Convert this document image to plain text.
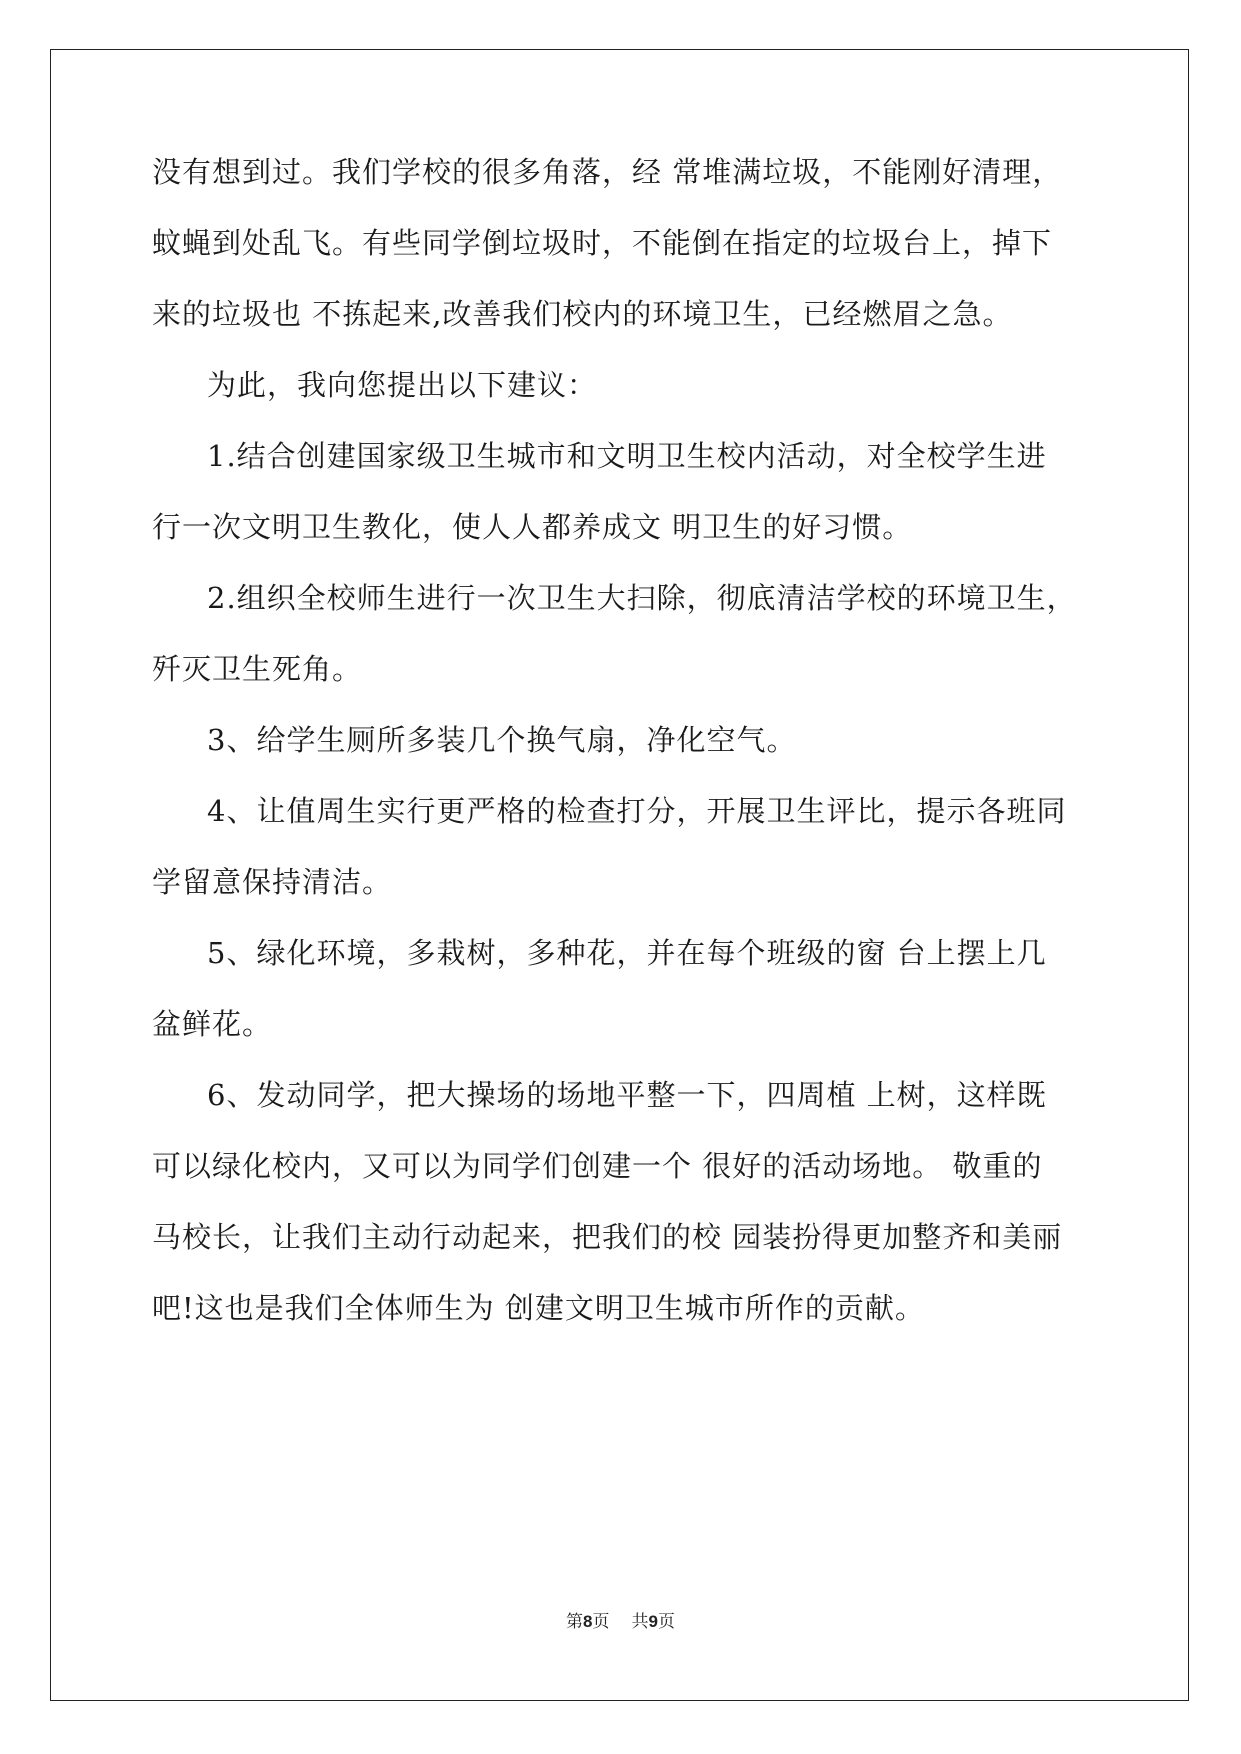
没有想到过。我们学校的很多角落，经 常堆满垃圾，不能刚好清理，
蚊蝇到处乱飞。有些同学倒垃圾时，不能倒在指定的垃圾台上，掉下
来的垃圾也 不拣起来,改善我们校内的环境卫生，已经燃眉之急。
为此，我向您提出以下建议：
1.结合创建国家级卫生城市和文明卫生校内活动，对全校学生进
行一次文明卫生教化，使人人都养成文 明卫生的好习惯。
2.组织全校师生进行一次卫生大扫除，彻底清洁学校的环境卫生，
歼灭卫生死角。
3、给学生厕所多装几个换气扇，净化空气。
4、让值周生实行更严格的检查打分，开展卫生评比，提示各班同
学留意保持清洁。
5、绿化环境，多栽树，多种花，并在每个班级的窗 台上摆上几
盆鲜花。
6、发动同学，把大操场的场地平整一下，四周植 上树，这样既
可以绿化校内，又可以为同学们创建一个 很好的活动场地。 敬重的
马校长，让我们主动行动起来，把我们的校 园装扮得更加整齐和美丽
吧!这也是我们全体师生为 创建文明卫生城市所作的贡献。
第8页 共9页
